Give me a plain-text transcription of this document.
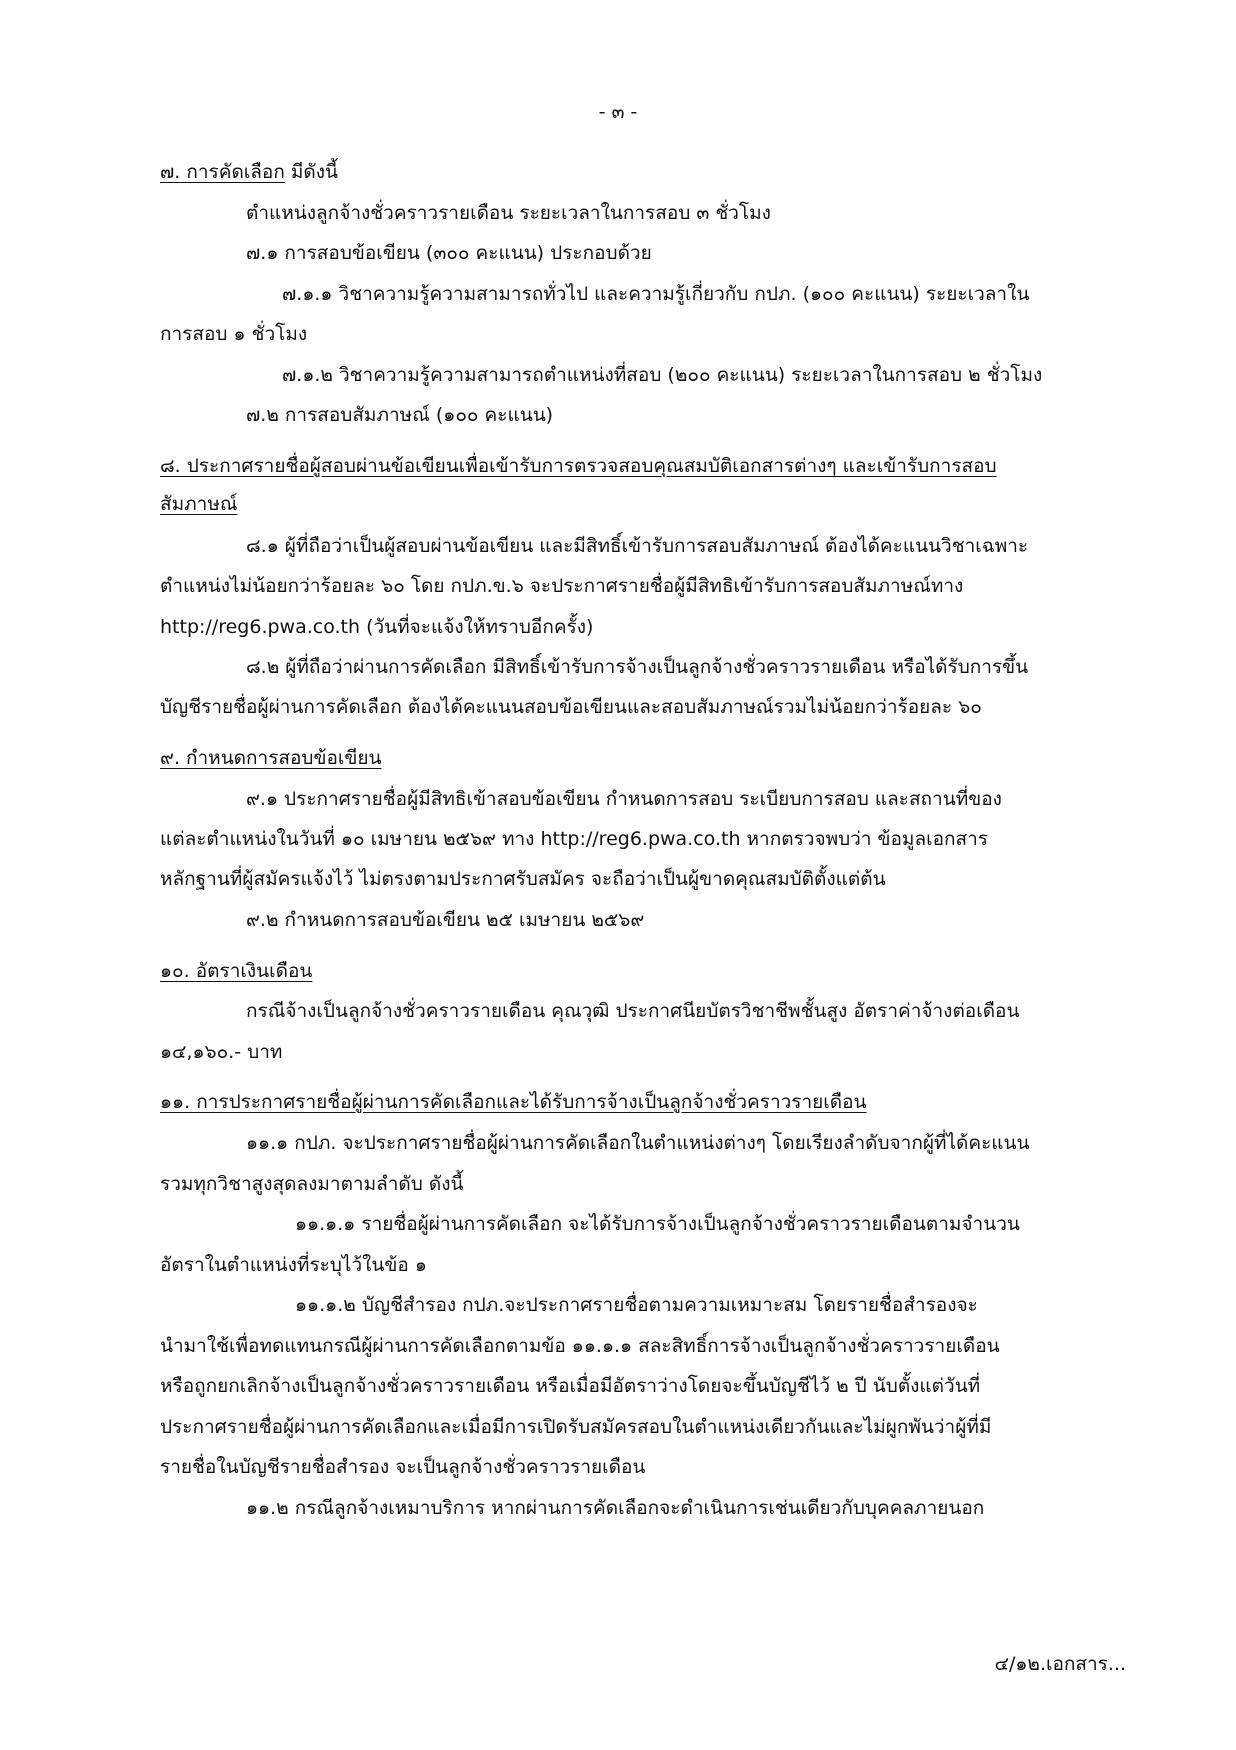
- ๓ -
๗. การคัดเลือก มีดังนี้
ตำแหน่งลูกจ้างชั่วคราวรายเดือน ระยะเวลาในการสอบ ๓ ชั่วโมง
๗.๑ การสอบข้อเขียน (๓๐๐ คะแนน) ประกอบด้วย
๗.๑.๑ วิชาความรู้ความสามารถทั่วไป และความรู้เกี่ยวกับ กปภ. (๑๐๐ คะแนน) ระยะเวลาใน
การสอบ ๑ ชั่วโมง
๗.๑.๒ วิชาความรู้ความสามารถตำแหน่งที่สอบ (๒๐๐ คะแนน) ระยะเวลาในการสอบ ๒ ชั่วโมง
๗.๒ การสอบสัมภาษณ์ (๑๐๐ คะแนน)
๘. ประกาศรายชื่อผู้สอบผ่านข้อเขียนเพื่อเข้ารับการตรวจสอบคุณสมบัติเอกสารต่างๆ และเข้ารับการสอบ
สัมภาษณ์
๘.๑ ผู้ที่ถือว่าเป็นผู้สอบผ่านข้อเขียน และมีสิทธิ์เข้ารับการสอบสัมภาษณ์ ต้องได้คะแนนวิชาเฉพาะ
ตำแหน่งไม่น้อยกว่าร้อยละ ๖๐ โดย กปภ.ข.๖ จะประกาศรายชื่อผู้มีสิทธิเข้ารับการสอบสัมภาษณ์ทาง
http://reg6.pwa.co.th (วันที่จะแจ้งให้ทราบอีกครั้ง)
๘.๒ ผู้ที่ถือว่าผ่านการคัดเลือก มีสิทธิ์เข้ารับการจ้างเป็นลูกจ้างชั่วคราวรายเดือน หรือได้รับการขึ้น
บัญชีรายชื่อผู้ผ่านการคัดเลือก ต้องได้คะแนนสอบข้อเขียนและสอบสัมภาษณ์รวมไม่น้อยกว่าร้อยละ ๖๐
๙. กำหนดการสอบข้อเขียน
๙.๑ ประกาศรายชื่อผู้มีสิทธิเข้าสอบข้อเขียน กำหนดการสอบ ระเบียบการสอบ และสถานที่ของ
แต่ละตำแหน่งในวันที่ ๑๐ เมษายน ๒๕๖๙ ทาง http://reg6.pwa.co.th หากตรวจพบว่า ข้อมูลเอกสาร
หลักฐานที่ผู้สมัครแจ้งไว้ ไม่ตรงตามประกาศรับสมัคร จะถือว่าเป็นผู้ขาดคุณสมบัติตั้งแต่ต้น
๙.๒ กำหนดการสอบข้อเขียน ๒๕ เมษายน ๒๕๖๙
๑๐. อัตราเงินเดือน
กรณีจ้างเป็นลูกจ้างชั่วคราวรายเดือน คุณวุฒิ ประกาศนียบัตรวิชาชีพชั้นสูง อัตราค่าจ้างต่อเดือน
๑๔,๑๖๐.- บาท
๑๑. การประกาศรายชื่อผู้ผ่านการคัดเลือกและได้รับการจ้างเป็นลูกจ้างชั่วคราวรายเดือน
๑๑.๑ กปภ. จะประกาศรายชื่อผู้ผ่านการคัดเลือกในตำแหน่งต่างๆ โดยเรียงลำดับจากผู้ที่ได้คะแนน
รวมทุกวิชาสูงสุดลงมาตามลำดับ ดังนี้
๑๑.๑.๑ รายชื่อผู้ผ่านการคัดเลือก จะได้รับการจ้างเป็นลูกจ้างชั่วคราวรายเดือนตามจำนวน
อัตราในตำแหน่งที่ระบุไว้ในข้อ ๑
๑๑.๑.๒ บัญชีสำรอง กปภ.จะประกาศรายชื่อตามความเหมาะสม โดยรายชื่อสำรองจะ
นำมาใช้เพื่อทดแทนกรณีผู้ผ่านการคัดเลือกตามข้อ ๑๑.๑.๑ สละสิทธิ์การจ้างเป็นลูกจ้างชั่วคราวรายเดือน
หรือถูกยกเลิกจ้างเป็นลูกจ้างชั่วคราวรายเดือน หรือเมื่อมีอัตราว่างโดยจะขึ้นบัญชีไว้ ๒ ปี นับตั้งแต่วันที่
ประกาศรายชื่อผู้ผ่านการคัดเลือกและเมื่อมีการเปิดรับสมัครสอบในตำแหน่งเดียวกันและไม่ผูกพันว่าผู้ที่มี
รายชื่อในบัญชีรายชื่อสำรอง จะเป็นลูกจ้างชั่วคราวรายเดือน
๑๑.๒ กรณีลูกจ้างเหมาบริการ หากผ่านการคัดเลือกจะดำเนินการเช่นเดียวกับบุคคลภายนอก
๔/๑๒.เอกสาร...
